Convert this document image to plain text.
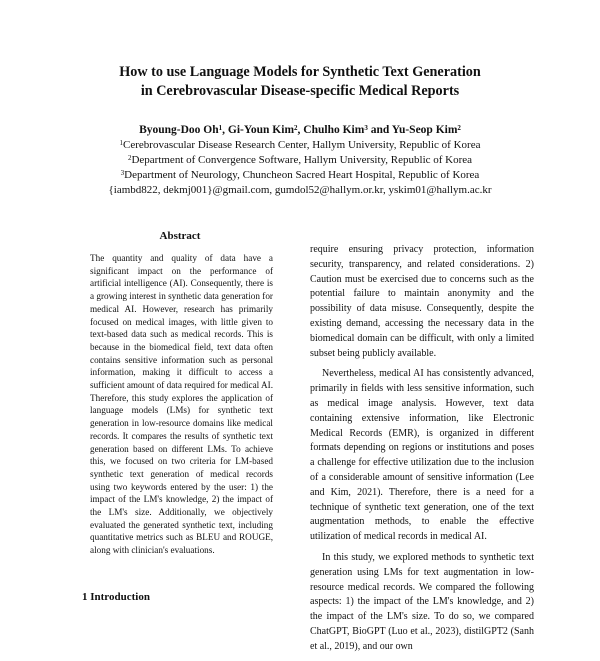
How to use Language Models for Synthetic Text Generation
in Cerebrovascular Disease-specific Medical Reports
Byoung-Doo Oh$^1$, Gi-Youn Kim$^2$, Chulho Kim$^3$ and Yu-Seop Kim$^2$
$^1$Cerebrovascular Disease Research Center, Hallym University, Republic of Korea
$^2$Department of Convergence Software, Hallym University, Republic of Korea
$^3$Department of Neurology, Chuncheon Sacred Heart Hospital, Republic of Korea
{iambd822, dekmj001}@gmail.com, gumdol52@hallym.or.kr, yskim01@hallym.ac.kr
Abstract

The quantity and quality of data have a significant impact on the performance of artificial intelligence (AI). Consequently, there is a growing interest in synthetic data generation for medical AI. However, research has primarily focused on medical images, with little given to text-based data such as medical records. This is because in the biomedical field, text data often contains sensitive information such as personal information, making it difficult to access a sufficient amount of data required for medical AI. Therefore, this study explores the application of language models (LMs) for synthetic text generation in low-resource domains like medical records. It compares the results of synthetic text generation based on different LMs. To achieve this, we focused on two criteria for LM-based synthetic text generation of medical records using two keywords entered by the user: 1) the impact of the LM's knowledge, 2) the impact of the LM's size. Additionally, we objectively evaluated the generated synthetic text, including quantitative metrics such as BLEU and ROUGE, along with clinician's evaluations.

require ensuring privacy protection, information security, transparency, and related considerations. 2) Caution must be exercised due to concerns such as the potential failure to maintain anonymity and the possibility of data misuse. Consequently, despite the existing demand, accessing the necessary data in the biomedical domain can be difficult, with only a limited subset being publicly available.

Nevertheless, medical AI has consistently advanced, primarily in fields with less sensitive information, such as medical image analysis. However, text data containing extensive information, like Electronic Medical Records (EMR), is organized in different formats depending on regions or institutions and poses a challenge for effective utilization due to the inclusion of a considerable amount of sensitive information (Lee and Kim, 2021). Therefore, there is a need for a technique of synthetic text generation, one of the text augmentation methods, to enable the effective utilization of medical records in medical AI.

In this study, we explored methods to synthetic text generation using LMs for text augmentation in low-resource medical records. We compared the following aspects: 1) the impact of the LM's knowledge, and 2) the impact of the LM's size. To do so, we compared ChatGPT, BioGPT (Luo et al., 2023), distilGPT2 (Sanh et al., 2019), and our own

1 Introduction
